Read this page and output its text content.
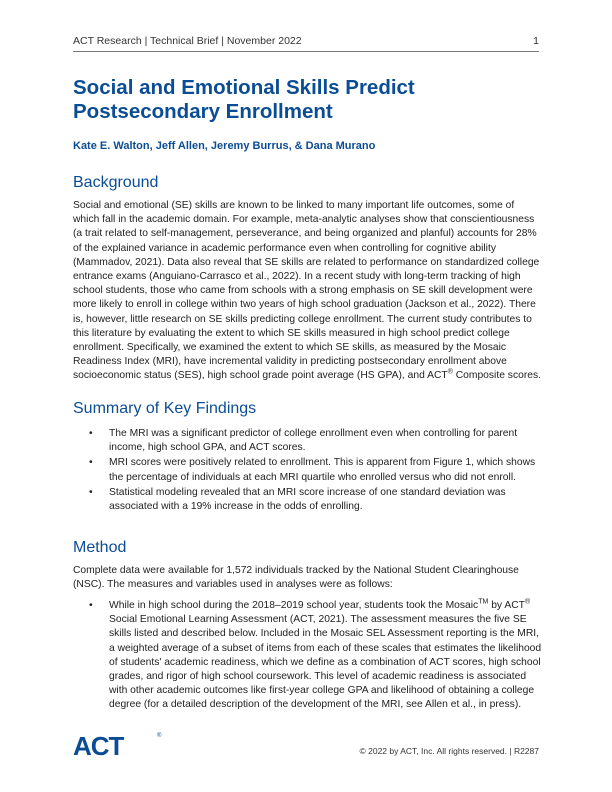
ACT Research | Technical Brief | November 2022	1
Social and Emotional Skills Predict Postsecondary Enrollment
Kate E. Walton, Jeff Allen, Jeremy Burrus, & Dana Murano
Background

Social and emotional (SE) skills are known to be linked to many important life outcomes, some of which fall in the academic domain. For example, meta-analytic analyses show that conscientiousness (a trait related to self-management, perseverance, and being organized and planful) accounts for 28% of the explained variance in academic performance even when controlling for cognitive ability (Mammadov, 2021). Data also reveal that SE skills are related to performance on standardized college entrance exams (Anguiano-Carrasco et al., 2022). In a recent study with long-term tracking of high school students, those who came from schools with a strong emphasis on SE skill development were more likely to enroll in college within two years of high school graduation (Jackson et al., 2022). There is, however, little research on SE skills predicting college enrollment. The current study contributes to this literature by evaluating the extent to which SE skills measured in high school predict college enrollment. Specifically, we examined the extent to which SE skills, as measured by the Mosaic Readiness Index (MRI), have incremental validity in predicting postsecondary enrollment above socioeconomic status (SES), high school grade point average (HS GPA), and ACT® Composite scores.

Summary of Key Findings
• The MRI was a significant predictor of college enrollment even when controlling for parent income, high school GPA, and ACT scores.
• MRI scores were positively related to enrollment. This is apparent from Figure 1, which shows the percentage of individuals at each MRI quartile who enrolled versus who did not enroll.
• Statistical modeling revealed that an MRI score increase of one standard deviation was associated with a 19% increase in the odds of enrolling.
Method

Complete data were available for 1,572 individuals tracked by the National Student Clearinghouse (NSC). The measures and variables used in analyses were as follows:

• While in high school during the 2018–2019 school year, students took the Mosaic™ by ACT® Social Emotional Learning Assessment (ACT, 2021). The assessment measures the five SE skills listed and described below. Included in the Mosaic SEL Assessment reporting is the MRI, a weighted average of a subset of items from each of these scales that estimates the likelihood of students' academic readiness, which we define as a combination of ACT scores, high school grades, and rigor of high school coursework. This level of academic readiness is associated with other academic outcomes like first-year college GPA and likelihood of obtaining a college degree (for a detailed description of the development of the MRI, see Allen et al., in press).
ACT	®
© 2022 by ACT, Inc. All rights reserved. | R2287
